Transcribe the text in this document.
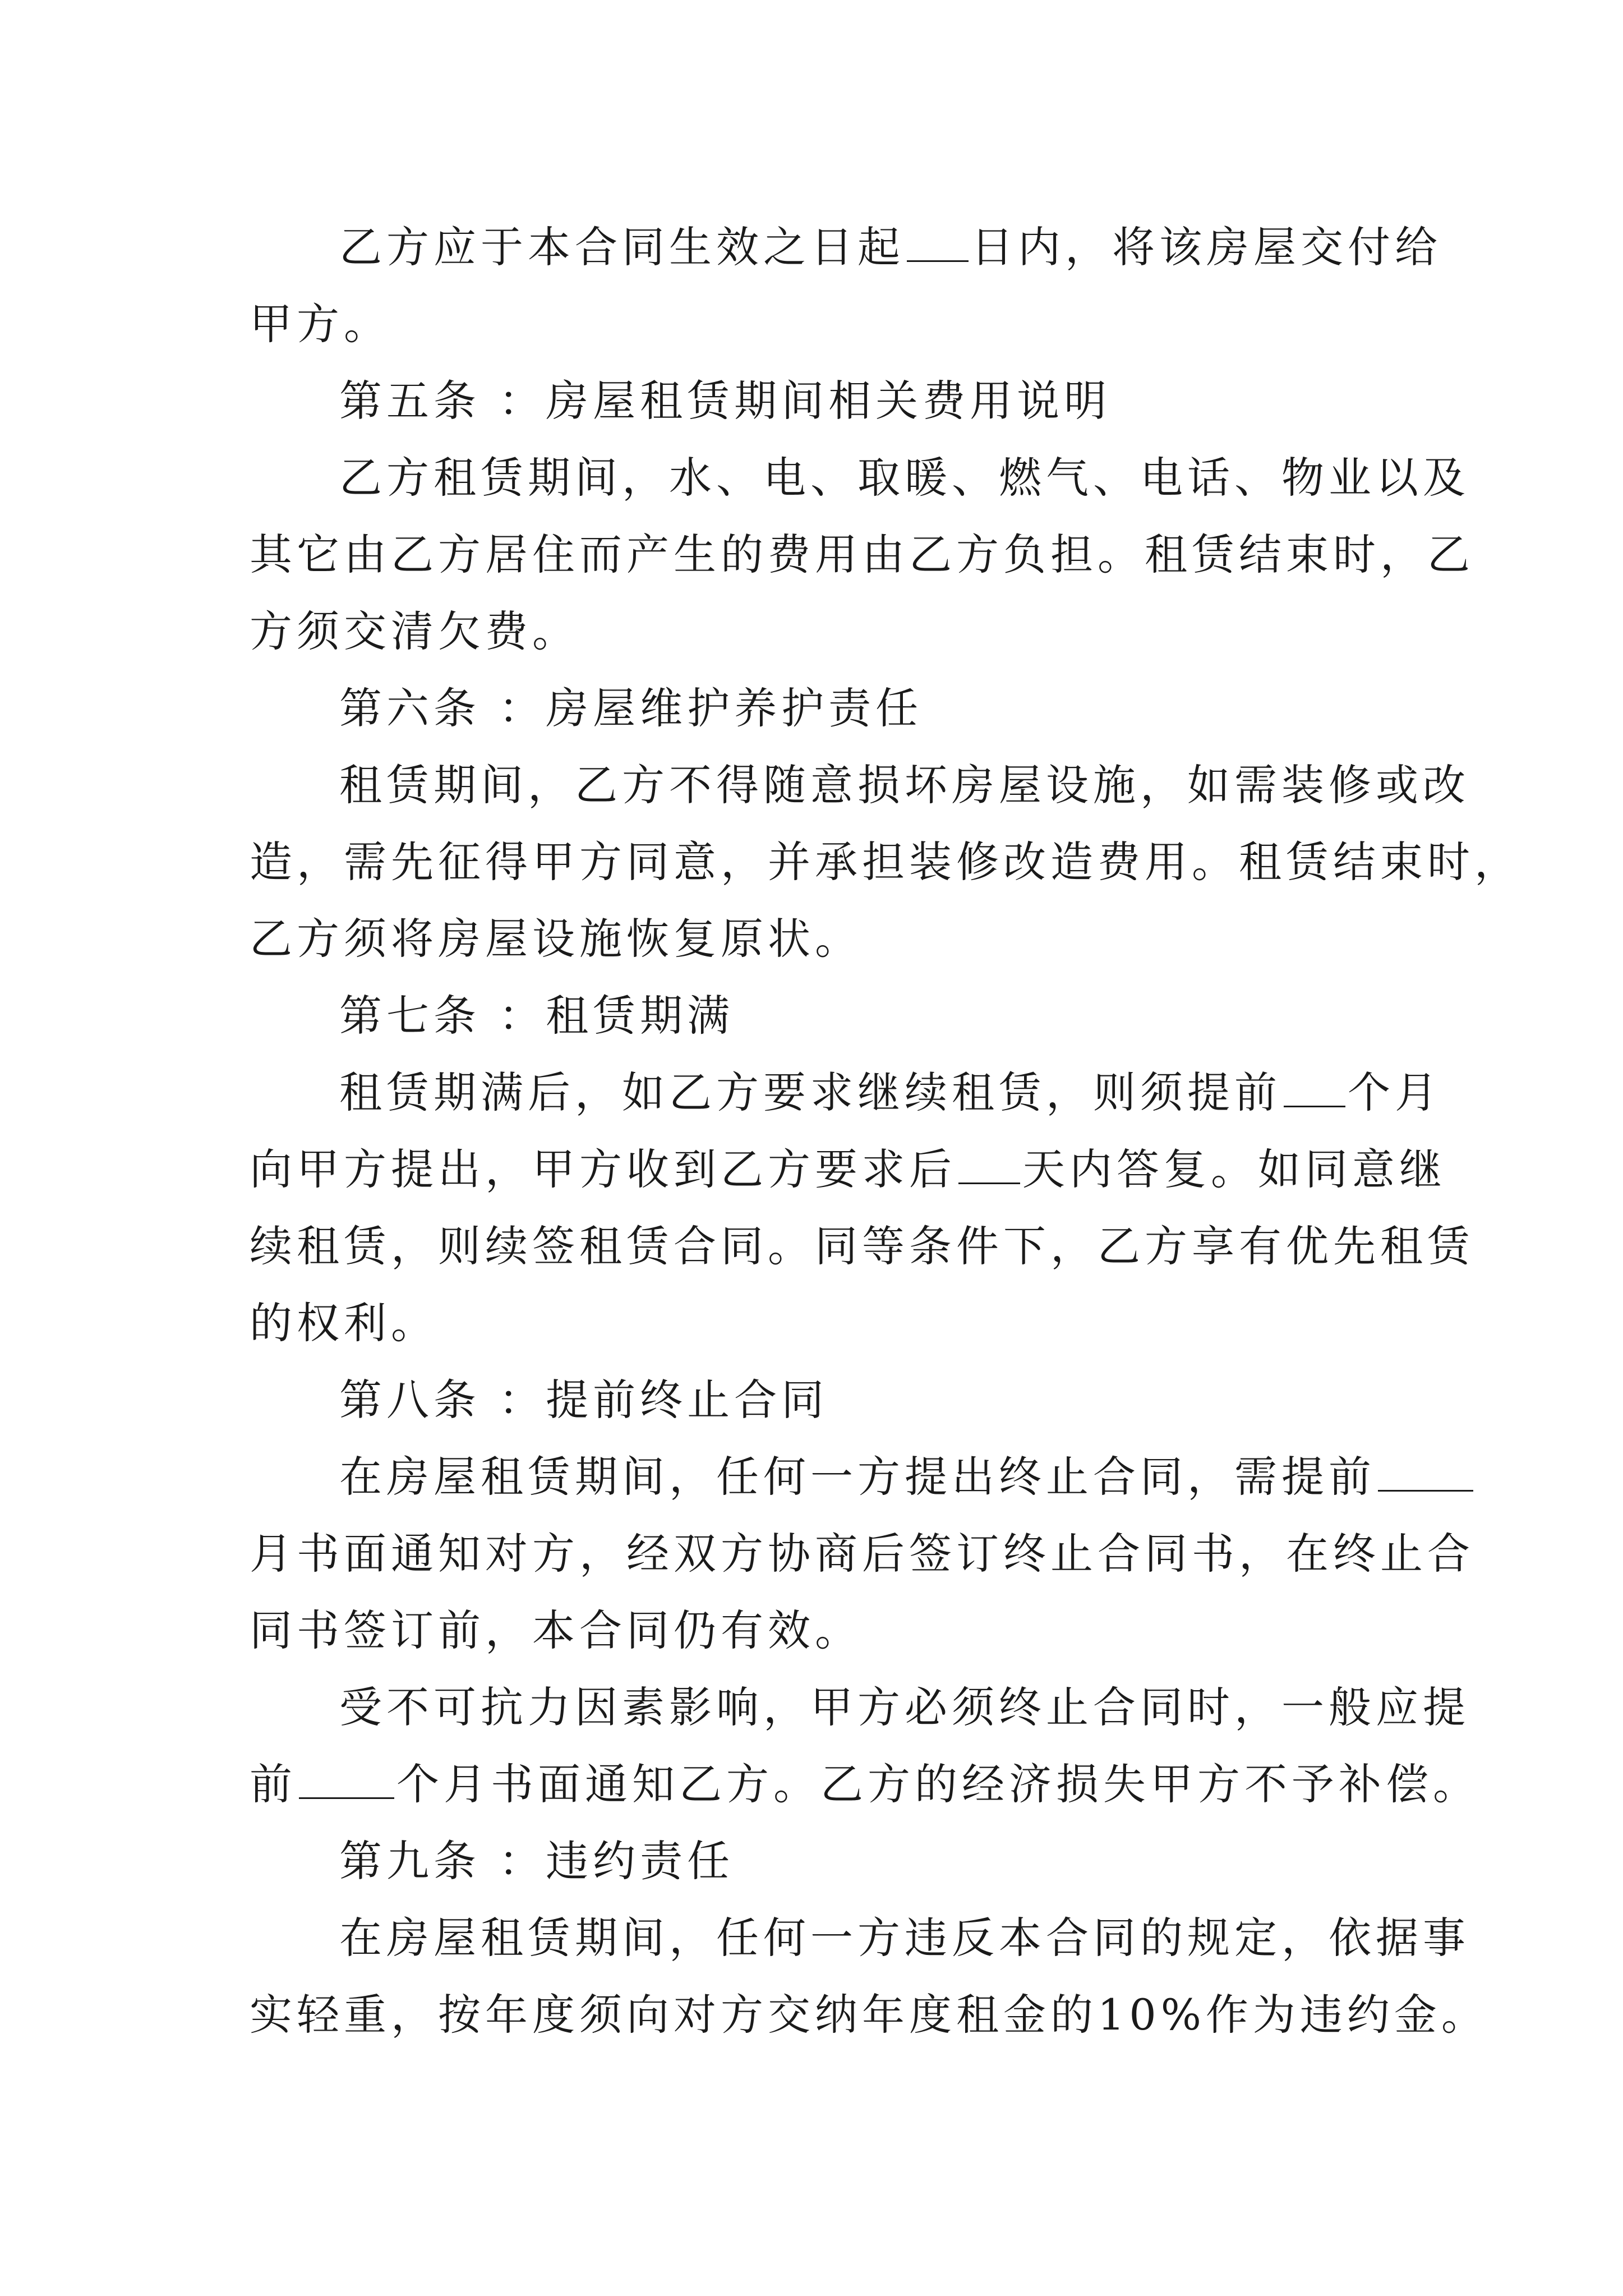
乙方应于本合同生效之日起 日内，将该房屋交付给
甲方。
第五条 ：房屋租赁期间相关费用说明
乙方租赁期间，水、电、取暖、燃气、电话、物业以及
其它由乙方居住而产生的费用由乙方负担。租赁结束时，乙
方须交清欠费。
第六条 ：房屋维护养护责任
租赁期间，乙方不得随意损坏房屋设施，如需装修或改
造，需先征得甲方同意，并承担装修改造费用。租赁结束时，
乙方须将房屋设施恢复原状。
第七条 ：租赁期满
租赁期满后，如乙方要求继续租赁，则须提前 个月
向甲方提出，甲方收到乙方要求后 天内答复。如同意继
续租赁，则续签租赁合同。同等条件下，乙方享有优先租赁
的权利。
第八条 ：提前终止合同
在房屋租赁期间，任何一方提出终止合同，需提前
月书面通知对方，经双方协商后签订终止合同书，在终止合
同书签订前，本合同仍有效。
受不可抗力因素影响，甲方必须终止合同时，一般应提
前 个月书面通知乙方。乙方的经济损失甲方不予补偿。
第九条 ：违约责任
在房屋租赁期间，任何一方违反本合同的规定，依据事
实轻重，按年度须向对方交纳年度租金的10%作为违约金。
